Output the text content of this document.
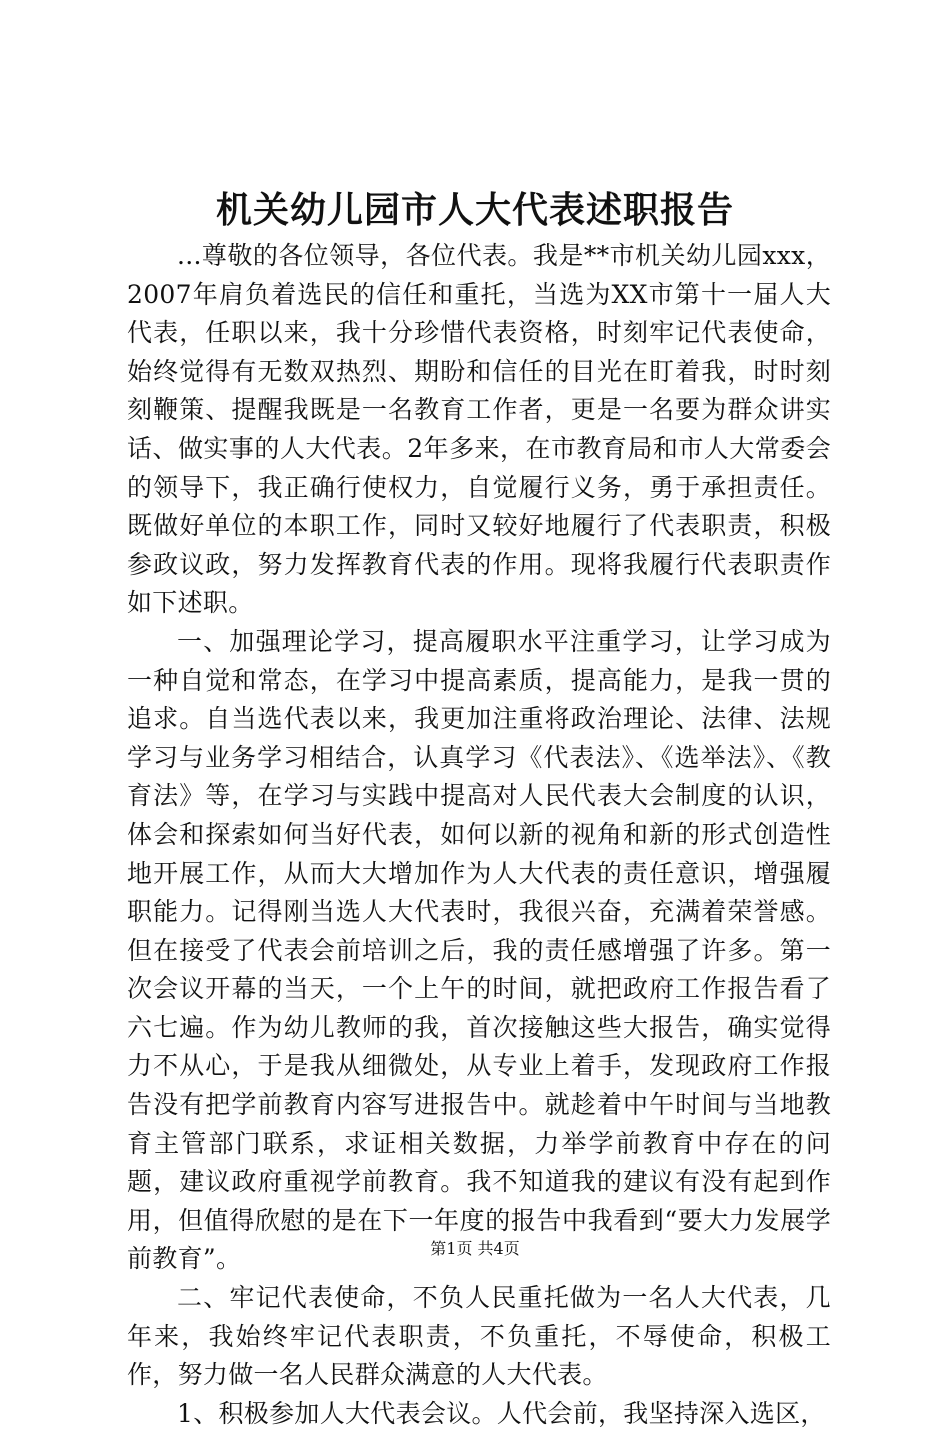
机关幼儿园市人大代表述职报告

...尊敬的各位领导，各位代表。我是**市机关幼儿园xxx，2007年肩负着选民的信任和重托，当选为XX市第十一届人大代表，任职以来，我十分珍惜代表资格，时刻牢记代表使命，始终觉得有无数双热烈、期盼和信任的目光在盯着我，时时刻刻鞭策、提醒我既是一名教育工作者，更是一名要为群众讲实话、做实事的人大代表。2年多来，在市教育局和市人大常委会的领导下，我正确行使权力，自觉履行义务，勇于承担责任。既做好单位的本职工作，同时又较好地履行了代表职责，积极参政议政，努力发挥教育代表的作用。现将我履行代表职责作如下述职。

一、加强理论学习，提高履职水平注重学习，让学习成为一种自觉和常态，在学习中提高素质，提高能力，是我一贯的追求。自当选代表以来，我更加注重将政治理论、法律、法规学习与业务学习相结合，认真学习《代表法》、《选举法》、《教育法》等，在学习与实践中提高对人民代表大会制度的认识，体会和探索如何当好代表，如何以新的视角和新的形式创造性地开展工作，从而大大增加作为人大代表的责任意识，增强履职能力。记得刚当选人大代表时，我很兴奋，充满着荣誉感。但在接受了代表会前培训之后，我的责任感增强了许多。第一次会议开幕的当天，一个上午的时间，就把政府工作报告看了六七遍。作为幼儿教师的我，首次接触这些大报告，确实觉得力不从心，于是我从细微处，从专业上着手，发现政府工作报告没有把学前教育内容写进报告中。就趁着中午时间与当地教育主管部门联系，求证相关数据，力举学前教育中存在的问题，建议政府重视学前教育。我不知道我的建议有没有起到作用，但值得欣慰的是在下一年度的报告中我看到“要大力发展学前教育”。

二、牢记代表使命，不负人民重托做为一名人大代表，几年来，我始终牢记代表职责，不负重托，不辱使命，积极工作，努力做一名人民群众满意的人大代表。

1、积极参加人大代表会议。人代会前，我坚持深入选区，

第1页 共4页
